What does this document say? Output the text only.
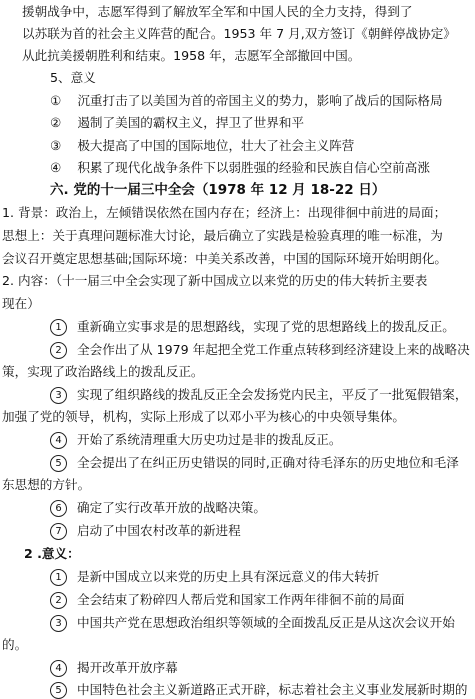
援朝战争中，志愿军得到了解放军全军和中国人民的全力支持，得到了
以苏联为首的社会主义阵营的配合。1953 年 7 月,双方签订《朝鲜停战协定》
从此抗美援朝胜利和结束。1958 年，志愿军全部撤回中国。
5、意义
① 沉重打击了以美国为首的帝国主义的势力，影响了战后的国际格局
② 遏制了美国的霸权主义，捍卫了世界和平
③ 极大提高了中国的国际地位，壮大了社会主义阵营
④ 积累了现代化战争条件下以弱胜强的经验和民族自信心空前高涨
六. 党的十一届三中全会（1978 年 12 月 18-22 日）
1. 背景：政治上，左倾错误依然在国内存在；经济上：出现徘徊中前进的局面；
思想上：关于真理问题标准大讨论，最后确立了实践是检验真理的唯一标准，为
会议召开奠定思想基础;国际环境：中美关系改善，中国的国际环境开始明朗化。
2. 内容：（十一届三中全会实现了新中国成立以来党的历史的伟大转折主要表
现在）
1 重新确立实事求是的思想路线，实现了党的思想路线上的拨乱反正。
2 全会作出了从 1979 年起把全党工作重点转移到经济建设上来的战略决
策，实现了政治路线上的拨乱反正。
3 实现了组织路线的拨乱反正全会发扬党内民主，平反了一批冤假错案，
加强了党的领导，机构，实际上形成了以邓小平为核心的中央领导集体。
4 开始了系统清理重大历史功过是非的拨乱反正。
5 全会提出了在纠正历史错误的同时,正确对待毛泽东的历史地位和毛泽
东思想的方针。
6 确定了实行改革开放的战略决策。
7 启动了中国农村改革的新进程
2 .意义：
1 是新中国成立以来党的历史上具有深远意义的伟大转折
2 全会结束了粉碎四人帮后党和国家工作两年徘徊不前的局面
3 中国共产党在思想政治组织等领域的全面拨乱反正是从这次会议开始
的。
4 揭开改革开放序幕
5 中国特色社会主义新道路正式开辟，标志着社会主义事业发展新时期的
